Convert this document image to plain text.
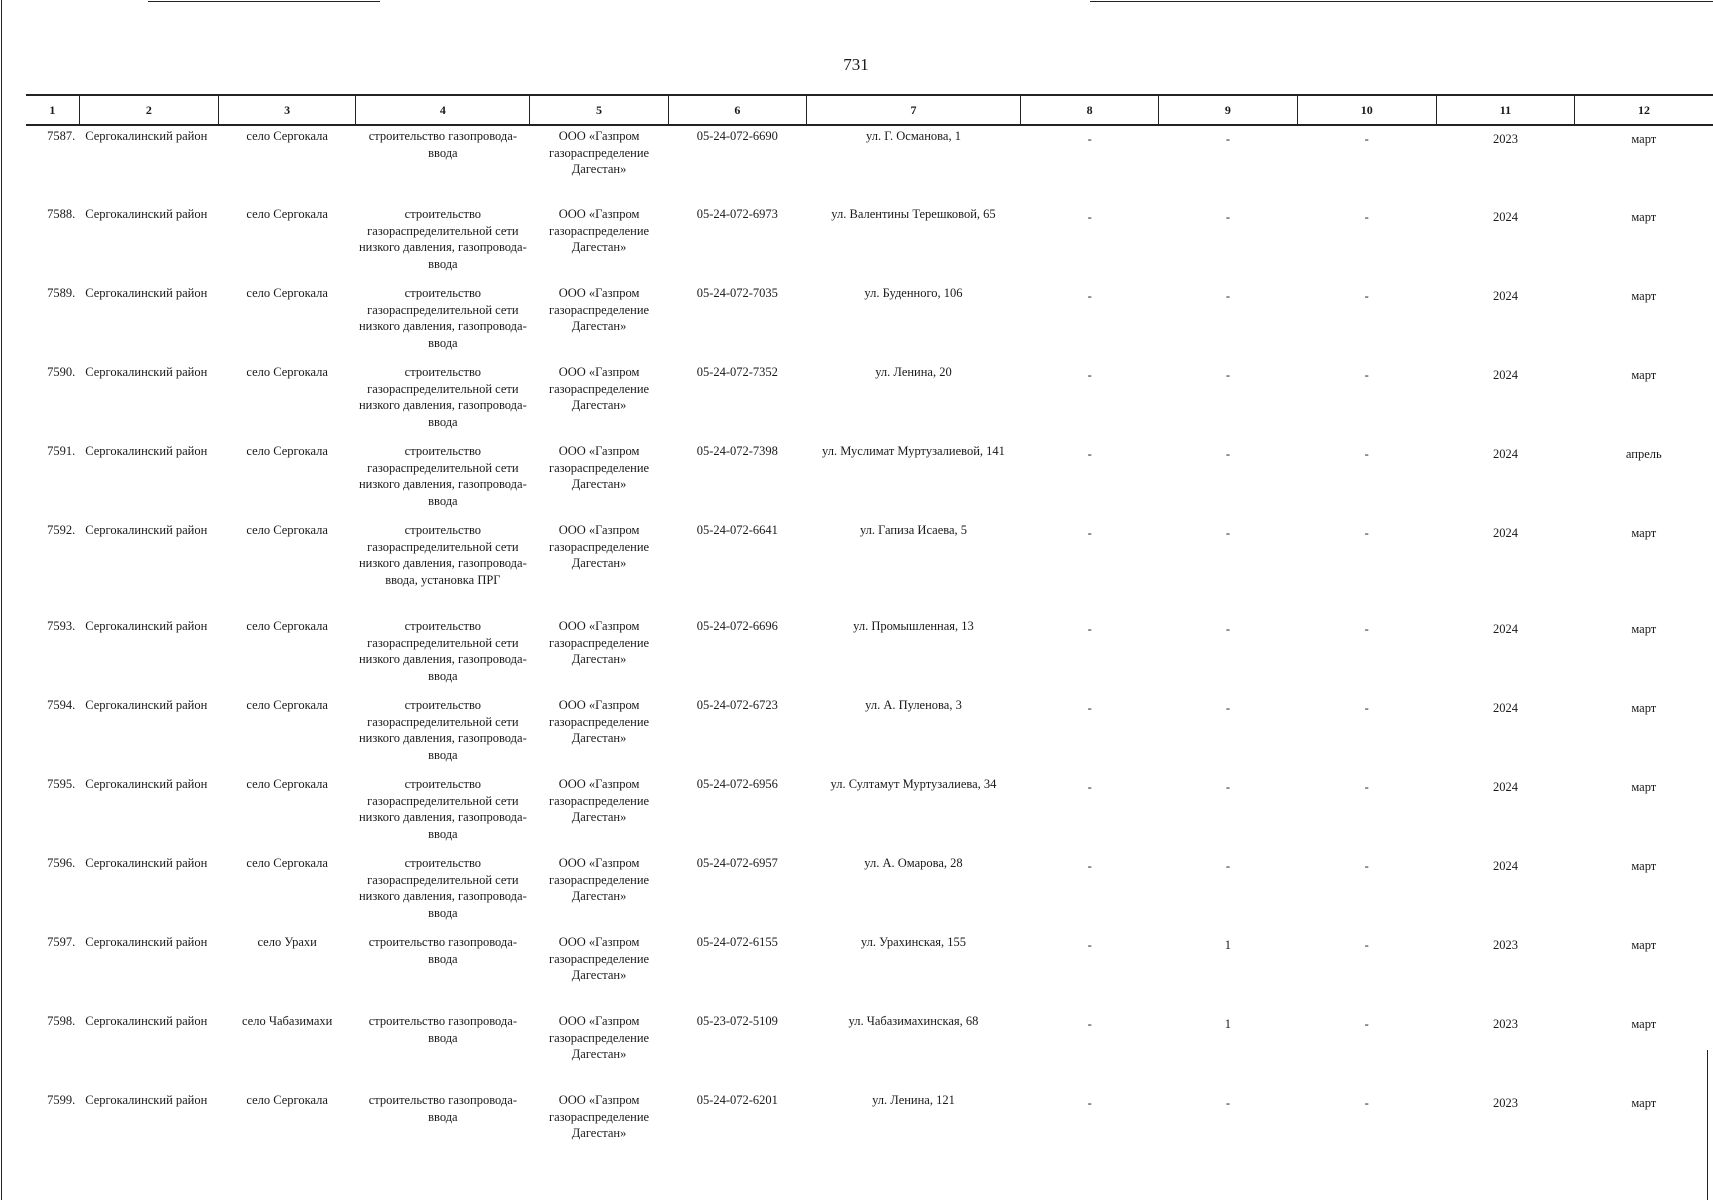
731
1	2	3	4	5	6	7	8	9	10	11	12
7587.	Сергокалинский район	село Сергокала	строительство газопровода-ввода	ООО «Газпром газораспределение Дагестан»	05-24-072-6690	ул. Г. Османова, 1	-	-	-	2023	март
7588.	Сергокалинский район	село Сергокала	строительство газораспределительной сети низкого давления, газопровода-ввода	ООО «Газпром газораспределение Дагестан»	05-24-072-6973	ул. Валентины Терешковой, 65	-	-	-	2024	март
7589.	Сергокалинский район	село Сергокала	строительство газораспределительной сети низкого давления, газопровода-ввода	ООО «Газпром газораспределение Дагестан»	05-24-072-7035	ул. Буденного, 106	-	-	-	2024	март
7590.	Сергокалинский район	село Сергокала	строительство газораспределительной сети низкого давления, газопровода-ввода	ООО «Газпром газораспределение Дагестан»	05-24-072-7352	ул. Ленина, 20	-	-	-	2024	март
7591.	Сергокалинский район	село Сергокала	строительство газораспределительной сети низкого давления, газопровода-ввода	ООО «Газпром газораспределение Дагестан»	05-24-072-7398	ул. Муслимат Муртузалиевой, 141	-	-	-	2024	апрель
7592.	Сергокалинский район	село Сергокала	строительство газораспределительной сети низкого давления, газопровода-ввода, установка ПРГ	ООО «Газпром газораспределение Дагестан»	05-24-072-6641	ул. Гапиза Исаева, 5	-	-	-	2024	март
7593.	Сергокалинский район	село Сергокала	строительство газораспределительной сети низкого давления, газопровода-ввода	ООО «Газпром газораспределение Дагестан»	05-24-072-6696	ул. Промышленная, 13	-	-	-	2024	март
7594.	Сергокалинский район	село Сергокала	строительство газораспределительной сети низкого давления, газопровода-ввода	ООО «Газпром газораспределение Дагестан»	05-24-072-6723	ул. А. Пуленова, 3	-	-	-	2024	март
7595.	Сергокалинский район	село Сергокала	строительство газораспределительной сети низкого давления, газопровода-ввода	ООО «Газпром газораспределение Дагестан»	05-24-072-6956	ул. Султамут Муртузалиева, 34	-	-	-	2024	март
7596.	Сергокалинский район	село Сергокала	строительство газораспределительной сети низкого давления, газопровода-ввода	ООО «Газпром газораспределение Дагестан»	05-24-072-6957	ул. А. Омарова, 28	-	-	-	2024	март
7597.	Сергокалинский район	село Урахи	строительство газопровода-ввода	ООО «Газпром газораспределение Дагестан»	05-24-072-6155	ул. Урахинская, 155	-	1	-	2023	март
7598.	Сергокалинский район	село Чабазимахи	строительство газопровода-ввода	ООО «Газпром газораспределение Дагестан»	05-23-072-5109	ул. Чабазимахинская, 68	-	1	-	2023	март
7599.	Сергокалинский район	село Сергокала	строительство газопровода-ввода	ООО «Газпром газораспределение Дагестан»	05-24-072-6201	ул. Ленина, 121	-	-	-	2023	март
